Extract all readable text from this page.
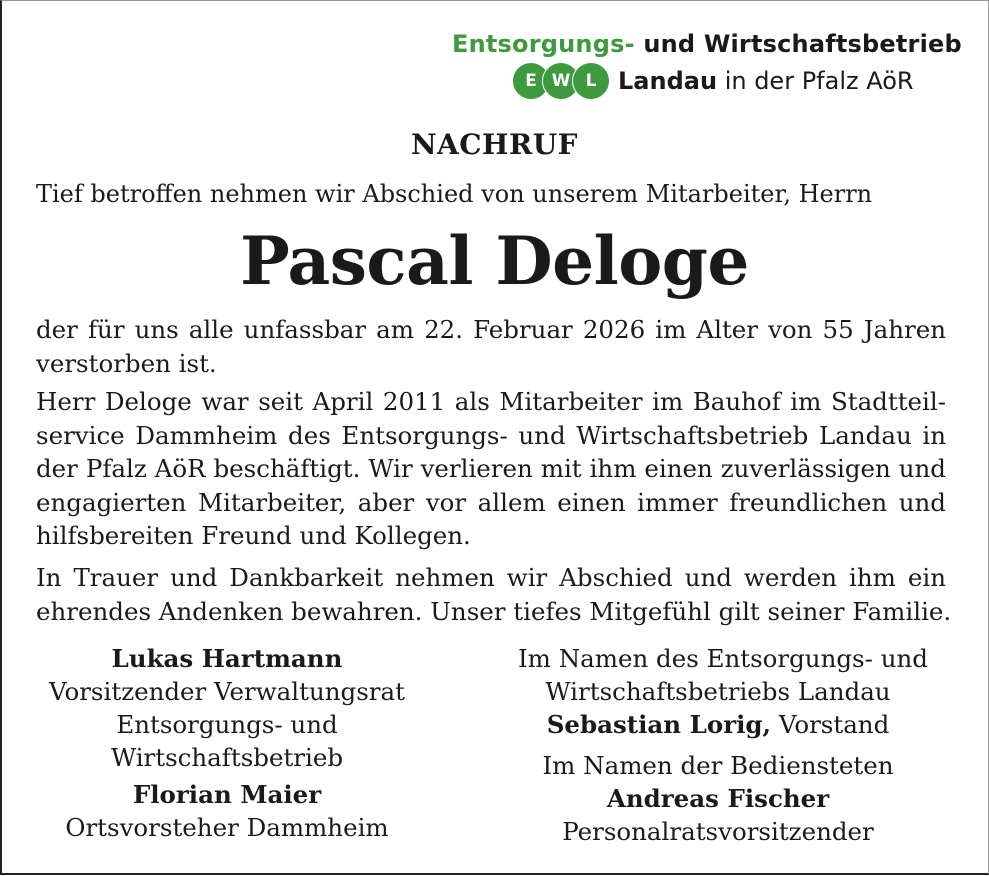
Entsorgungs- und Wirtschaftsbetrieb
E W L Landau in der Pfalz AöR
NACHRUF
Tief betroffen nehmen wir Abschied von unserem Mitarbeiter, Herrn
Pascal Deloge
der für uns alle unfassbar am 22. Februar 2026 im Alter von 55 Jahren
verstorben ist.
Herr Deloge war seit April 2011 als Mitarbeiter im Bauhof im Stadtteil-
service Dammheim des Entsorgungs- und Wirtschaftsbetrieb Landau in
der Pfalz AöR beschäftigt. Wir verlieren mit ihm einen zuverlässigen und
engagierten Mitarbeiter, aber vor allem einen immer freundlichen und
hilfsbereiten Freund und Kollegen.
In Trauer und Dankbarkeit nehmen wir Abschied und werden ihm ein
ehrendes Andenken bewahren. Unser tiefes Mitgefühl gilt seiner Familie.
Lukas Hartmann
Vorsitzender Verwaltungsrat
Entsorgungs- und
Wirtschaftsbetrieb

Florian Maier
Ortsvorsteher Dammheim
Im Namen des Entsorgungs- und
Wirtschaftsbetriebs Landau
Sebastian Lorig, Vorstand

Im Namen der Bediensteten
Andreas Fischer
Personalratsvorsitzender
